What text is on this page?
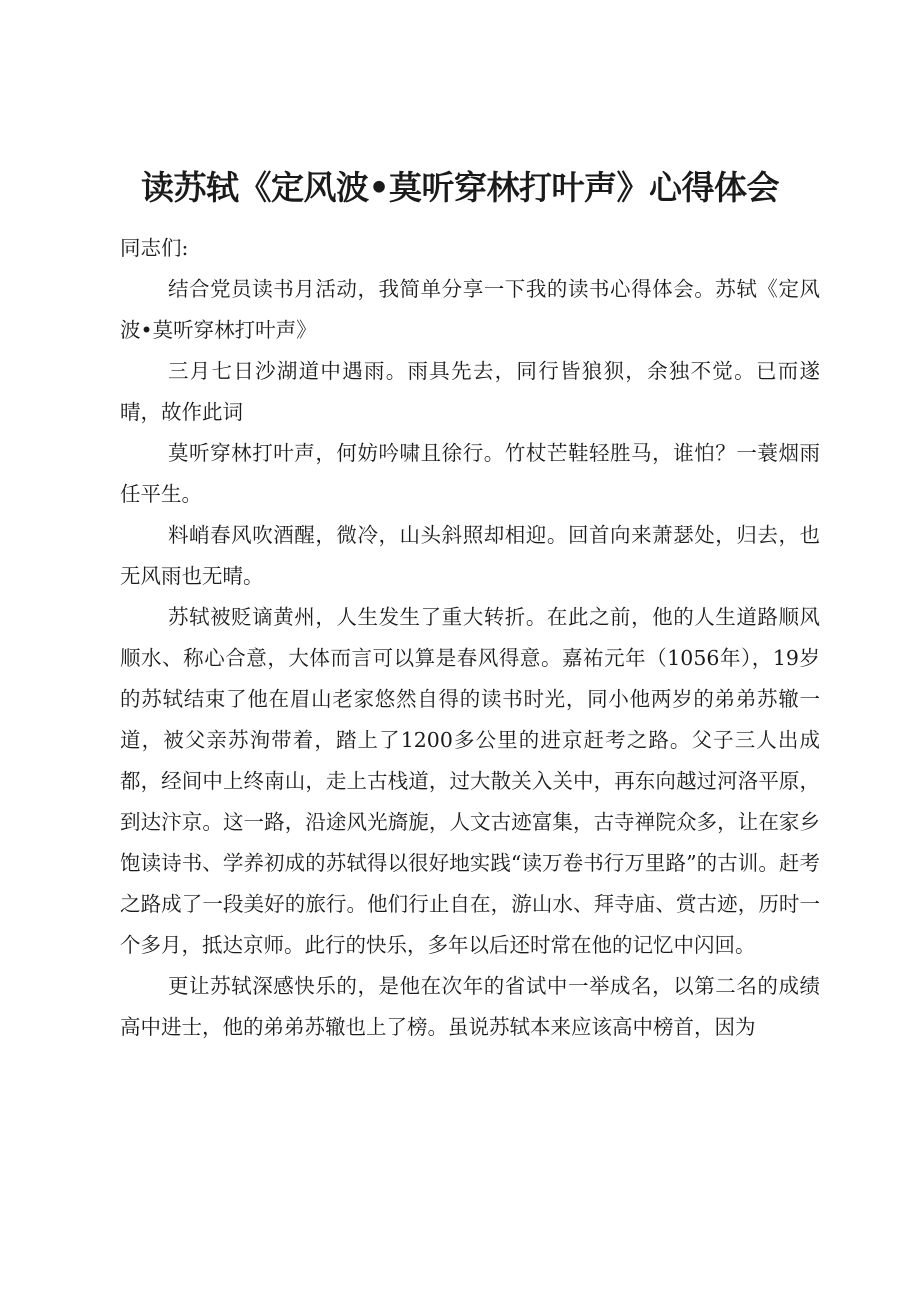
读苏轼《定风波•莫听穿林打叶声》心得体会

同志们:

结合党员读书月活动，我简单分享一下我的读书心得体会。苏轼《定风波•莫听穿林打叶声》

三月七日沙湖道中遇雨。雨具先去，同行皆狼狈，余独不觉。已而遂晴，故作此词

莫听穿林打叶声，何妨吟啸且徐行。竹杖芒鞋轻胜马，谁怕？一蓑烟雨任平生。

料峭春风吹酒醒，微冷，山头斜照却相迎。回首向来萧瑟处，归去，也无风雨也无晴。

苏轼被贬谪黄州，人生发生了重大转折。在此之前，他的人生道路顺风顺水、称心合意，大体而言可以算是春风得意。嘉祐元年（1056年），19岁的苏轼结束了他在眉山老家悠然自得的读书时光，同小他两岁的弟弟苏辙一道，被父亲苏洵带着，踏上了1200多公里的进京赶考之路。父子三人出成都，经间中上终南山，走上古栈道，过大散关入关中，再东向越过河洛平原，到达汴京。这一路，沿途风光旖旎，人文古迹富集，古寺禅院众多，让在家乡饱读诗书、学养初成的苏轼得以很好地实践“读万卷书行万里路”的古训。赶考之路成了一段美好的旅行。他们行止自在，游山水、拜寺庙、赏古迹，历时一个多月，抵达京师。此行的快乐，多年以后还时常在他的记忆中闪回。

更让苏轼深感快乐的，是他在次年的省试中一举成名，以第二名的成绩高中进士，他的弟弟苏辙也上了榜。虽说苏轼本来应该高中榜首，因为
